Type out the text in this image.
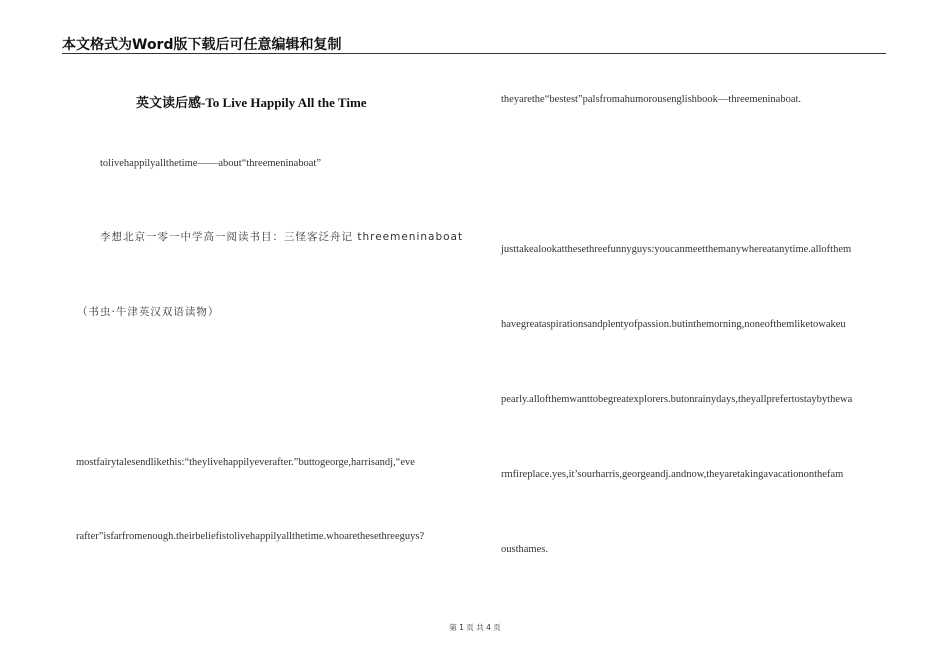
本文格式为Word版下载后可任意编辑和复制
英文读后感-To Live Happily All the Time
tolivehappilyallthetime——about“threemeninaboat”
李想北京一零一中学高一阅读书目：三怪客泛舟记 threemeninaboat
（书虫·牛津英汉双语读物）
mostfairytalesendlikethis:“theylivehappilyeverafter.”buttogeorge,harrisandj,“eve
rafter”isfarfromenough.theirbeliefistolivehappilyallthetime.whoarethesethreeguys?
theyarethe“bestest”palsfromahumorousenglishbook—threemeninaboat.
justtakealookatthesethreefunnyguys:youcanmeetthemanywhereatanytime.allofthem
havegreataspirationsandplentyofpassion.butinthemorning,noneofthemliketowakeu
pearly.allofthemwanttobegreatexplorers.butonrainydays,theyallprefertostaybythewa
rmfireplace.yes,it’sourharris,georgeandj.andnow,theyaretakingavacationonthefam
ousthames.
第 1 页 共 4 页
